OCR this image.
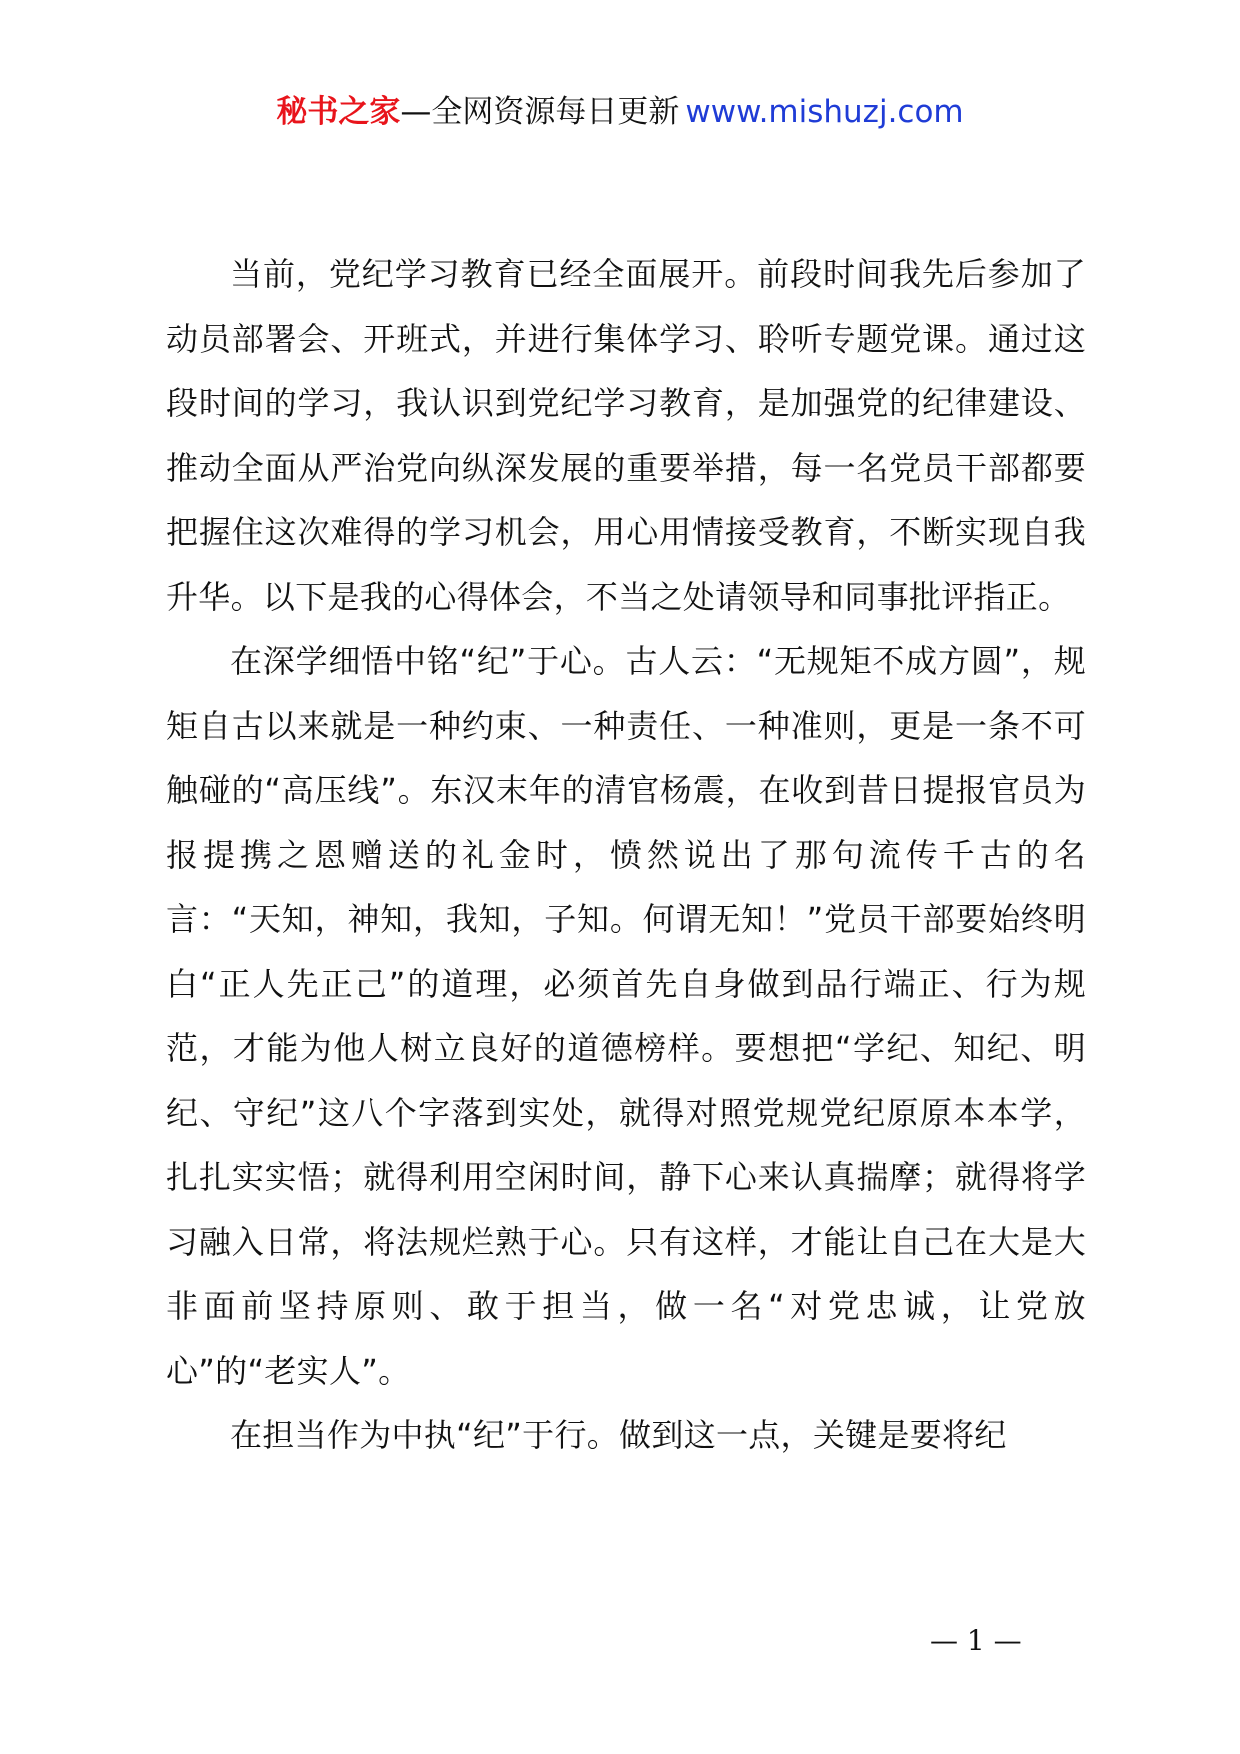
秘书之家—全网资源每日更新 www.mishuzj.com

当前，党纪学习教育已经全面展开。前段时间我先后参加了动员部署会、开班式，并进行集体学习、聆听专题党课。通过这段时间的学习，我认识到党纪学习教育，是加强党的纪律建设、推动全面从严治党向纵深发展的重要举措，每一名党员干部都要把握住这次难得的学习机会，用心用情接受教育，不断实现自我升华。以下是我的心得体会，不当之处请领导和同事批评指正。

在深学细悟中铭“纪”于心。古人云：“无规矩不成方圆”，规矩自古以来就是一种约束、一种责任、一种准则，更是一条不可触碰的“高压线”。东汉末年的清官杨震，在收到昔日提报官员为报提携之恩赠送的礼金时，愤然说出了那句流传千古的名言：“天知，神知，我知，子知。何谓无知！”党员干部要始终明白“正人先正己”的道理，必须首先自身做到品行端正、行为规范，才能为他人树立良好的道德榜样。要想把“学纪、知纪、明纪、守纪”这八个字落到实处，就得对照党规党纪原原本本学，扎扎实实悟；就得利用空闲时间，静下心来认真揣摩；就得将学习融入日常，将法规烂熟于心。只有这样，才能让自己在大是大非面前坚持原则、敢于担当，做一名“对党忠诚，让党放心”的“老实人”。

在担当作为中执“纪”于行。做到这一点，关键是要将纪

— 1 —
